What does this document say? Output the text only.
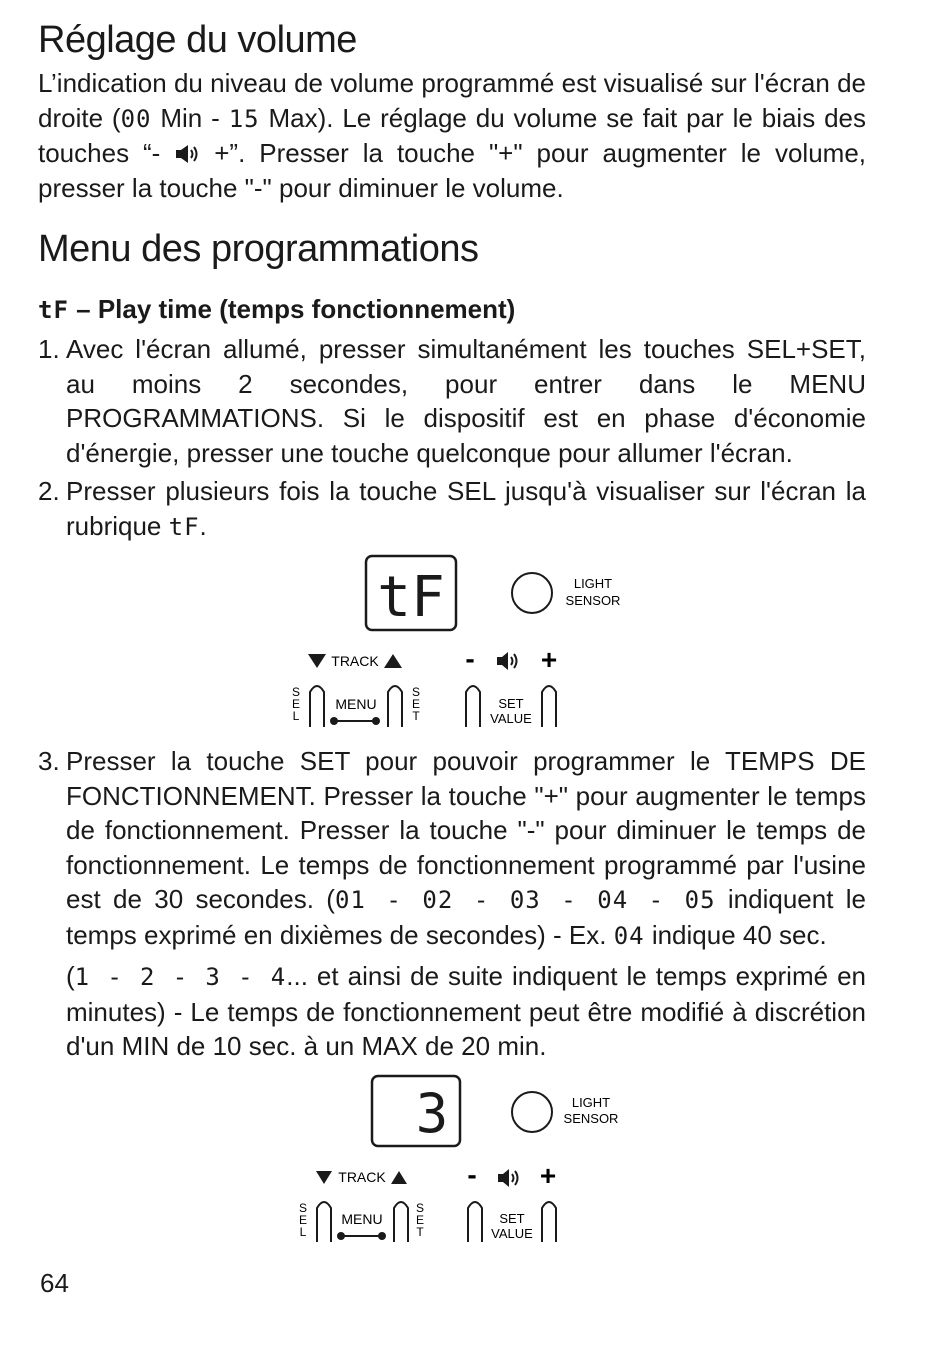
Réglage du volume

L’indication du niveau de volume programmé est visualisé sur l'écran de droite (00 Min - 15 Max). Le réglage du volume se fait par le biais des touches “-  +”. Presser la touche "+" pour augmenter le volume, presser la touche "-" pour diminuer le volume.

Menu des programmations
tF – Play time (temps fonctionnement)
1. Avec l'écran allumé, presser simultanément les touches SEL+SET, au moins 2 secondes, pour entrer dans le MENU PROGRAMMATIONS. Si le dispositif est en phase d'économie d'énergie, presser une touche quelconque pour allumer l'écran.
2. Presser plusieurs fois la touche SEL jusqu'à visualiser sur l'écran la rubrique tF.
tF	LIGHT
SENSOR
TRACK	- +
S E L
MENU
S E T
SET
VALUE
3. Presser la touche SET pour pouvoir programmer le TEMPS DE FONCTIONNEMENT. Presser la touche "+" pour augmenter le temps de fonctionnement. Presser la touche "-" pour diminuer le temps de fonctionnement. Le temps de fonctionnement programmé par l'usine est de 30 secondes. (01 - 02 - 03 - 04 - 05 indiquent le temps exprimé en dixièmes de secondes) - Ex. 04 indique 40 sec.

(1 - 2 - 3 - 4... et ainsi de suite indiquent le temps exprimé en minutes) - Le temps de fonctionnement peut être modifié à discrétion d'un MIN de 10 sec. à un MAX de 20 min.

3	LIGHT
SENSOR
TRACK	- +
S E L
MENU
S E T
SET
VALUE
64
